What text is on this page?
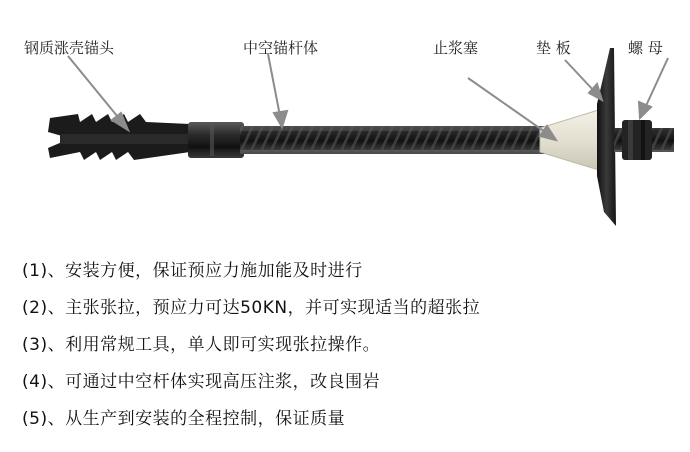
钢质涨壳锚头	中空锚杆体	止浆塞	垫 板	螺 母
(1)、安装方便，保证预应力施加能及时进行
(2)、主张张拉，预应力可达50KN，并可实现适当的超张拉
(3)、利用常规工具，单人即可实现张拉操作。
(4)、可通过中空杆体实现高压注浆，改良围岩
(5)、从生产到安装的全程控制，保证质量
